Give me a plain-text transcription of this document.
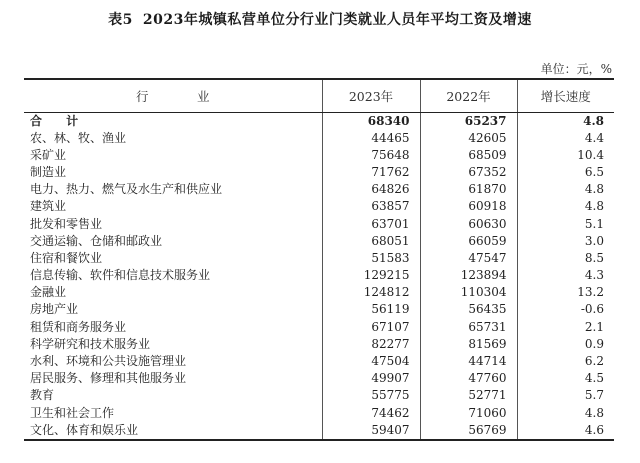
表5 2023年城镇私营单位分行业门类就业人员年平均工资及增速
单位：元，%
行　业	2023年	2022年	增长速度
合 计	68340	65237	4.8
农、林、牧、渔业	44465	42605	4.4
采矿业	75648	68509	10.4
制造业	71762	67352	6.5
电力、热力、燃气及水生产和供应业	64826	61870	4.8
建筑业	63857	60918	4.8
批发和零售业	63701	60630	5.1
交通运输、仓储和邮政业	68051	66059	3.0
住宿和餐饮业	51583	47547	8.5
信息传输、软件和信息技术服务业	129215	123894	4.3
金融业	124812	110304	13.2
房地产业	56119	56435	-0.6
租赁和商务服务业	67107	65731	2.1
科学研究和技术服务业	82277	81569	0.9
水利、环境和公共设施管理业	47504	44714	6.2
居民服务、修理和其他服务业	49907	47760	4.5
教育	55775	52771	5.7
卫生和社会工作	74462	71060	4.8
文化、体育和娱乐业	59407	56769	4.6
